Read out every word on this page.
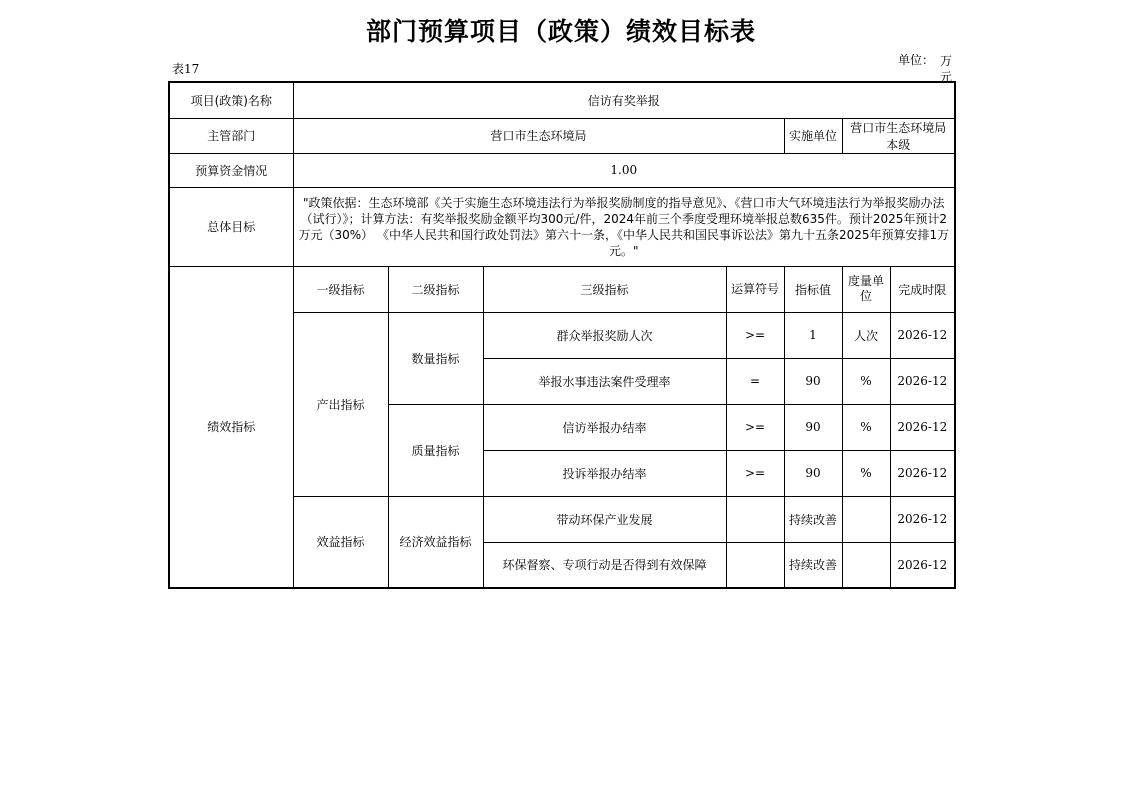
部门预算项目（政策）绩效目标表
表17
单位： 万元
项目(政策)名称	信访有奖举报						
主管部门	营口市生态环境局				实施单位	营口市生态环境局本级	
预算资金情况	1.00						
总体目标	"政策依据：生态环境部《关于实施生态环境违法行为举报奖励制度的指导意见》、《营口市大气环境违法行为举报奖励办法（试行）》；计算方法：有奖举报奖励金额平均300元/件，2024年前三个季度受理环境举报总数635件。预计2025年预计2万元（30%） 《中华人民共和国行政处罚法》第六十一条，《中华人民共和国民事诉讼法》第九十五条2025年预算安排1万元。"						
绩效指标	一级指标	二级指标	三级指标	运算符号	指标值	度量单位	完成时限
	产出指标	数量指标	群众举报奖励人次	>=	1	人次	2026-12
			举报水事违法案件受理率	=	90	%	2026-12
		质量指标	信访举报办结率	>=	90	%	2026-12
			投诉举报办结率	>=	90	%	2026-12
	效益指标	经济效益指标	带动环保产业发展		持续改善		2026-12
			环保督察、专项行动是否得到有效保障		持续改善		2026-12
